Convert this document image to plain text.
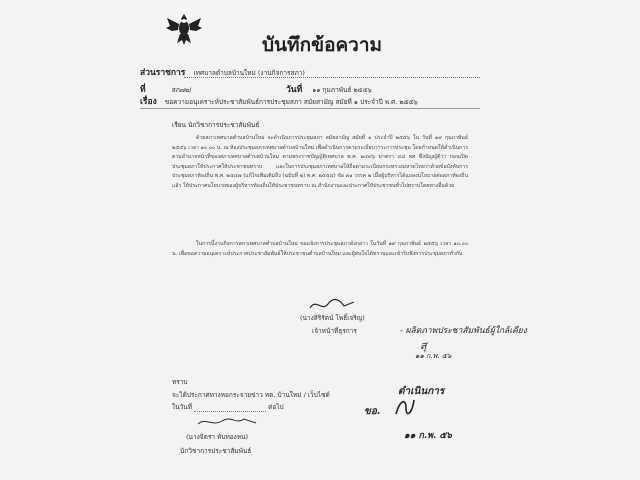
บันทึกข้อความ
ส่วนราชการ เทศบาลตำบลบ้านใหม่ (งานกิจการสภา)
ที่	สภ๗๒/	วันที่ ๑๑ กุมภาพันธ์ ๒๕๕๖
เรื่อง ขอความอนุเคราะห์ประชาสัมพันธ์การประชุมสภา สมัยสามัญ สมัยที่ ๑ ประจำปี พ.ศ. ๒๕๕๖
เรียน นักวิชาการประชาสัมพันธ์
ด้วยสภาเทศบาลตำบลบ้านใหม่ จะดำเนินการประชุมสภา สมัยสามัญ สมัยที่ ๑ ประจำปี ๒๕๕๖ ใน วันที่ ๑๙ กุมภาพันธ์ ๒๕๕๖ เวลา ๑๐.๐๐ น. ณ ห้องประชุมสภาเทศบาลตำบลบ้านใหม่ เพื่อดำเนินการตามระเบียบวาระการประชุม โดยกำหนดให้ดำเนินการตามอำนาจหน้าที่ของสภาเทศบาลตำบลบ้านใหม่ ตามพระราชบัญญัติเทศบาล พ.ศ. ๒๔๙๖ มาตรา ๔๘ ทศ ซึ่งบัญญัติว่า ก่อนเปิดประชุมสภาให้ประกาศให้ประชาชนทราบ และในการประชุมสภาเทศบาลให้ถือตามระเบียบกระทรวงมหาดไทยว่าด้วยข้อบังคับการประชุมสภาท้องถิ่น พ.ศ. ๒๕๔๗ (แก้ไขเพิ่มเติมถึง (ฉบับที่ ๒) พ.ศ. ๒๕๕๔) ข้อ ๓๑ วรรค ๒ เมื่อผู้บริหารได้แถลงนโยบายต่อสภาท้องถิ่นแล้ว ให้ประกาศนโยบายของผู้บริหารท้องถิ่นให้ประชาชนทราบ ณ สำนักงานและประกาศให้ประชาชนทั่วไปทราบโดยทางอื่นด้วย
ในการนี้งานกิจการสภาเทศบาลตำบลบ้านใหม่ ขอแจ้งการประชุมสภาดังกล่าว ในวันที่ ๑๙ กุมภาพันธ์ ๒๕๕๖ เวลา ๑๐.๐๐ น. เพื่อขอความอนุเคราะห์ประกาศประชาสัมพันธ์ให้ประชาชนตำบลบ้านใหม่ และผู้สนใจได้ทราบและเข้ารับฟังการประชุมสภาทั่วกัน
(นางสิริรัตน์ โพธิ์เจริญ)
เจ้าหน้าที่ธุรการ	- ผลิตภาพประชาสัมพันธ์ผู้ใกล้เคียง
สุ
๑๑ ก.พ. ๕๖
ทราบ
จะได้ประกาศทางหอกระจายข่าว ทต. บ้านใหม่ / เว็บไซต์
ในวันที่	ต่อไป
(นางจิตรา ทับทองหน)
นักวิชาการประชาสัมพันธ์
ดำเนินการ
ขอ.
๑๑ ก.พ. ๕๖
